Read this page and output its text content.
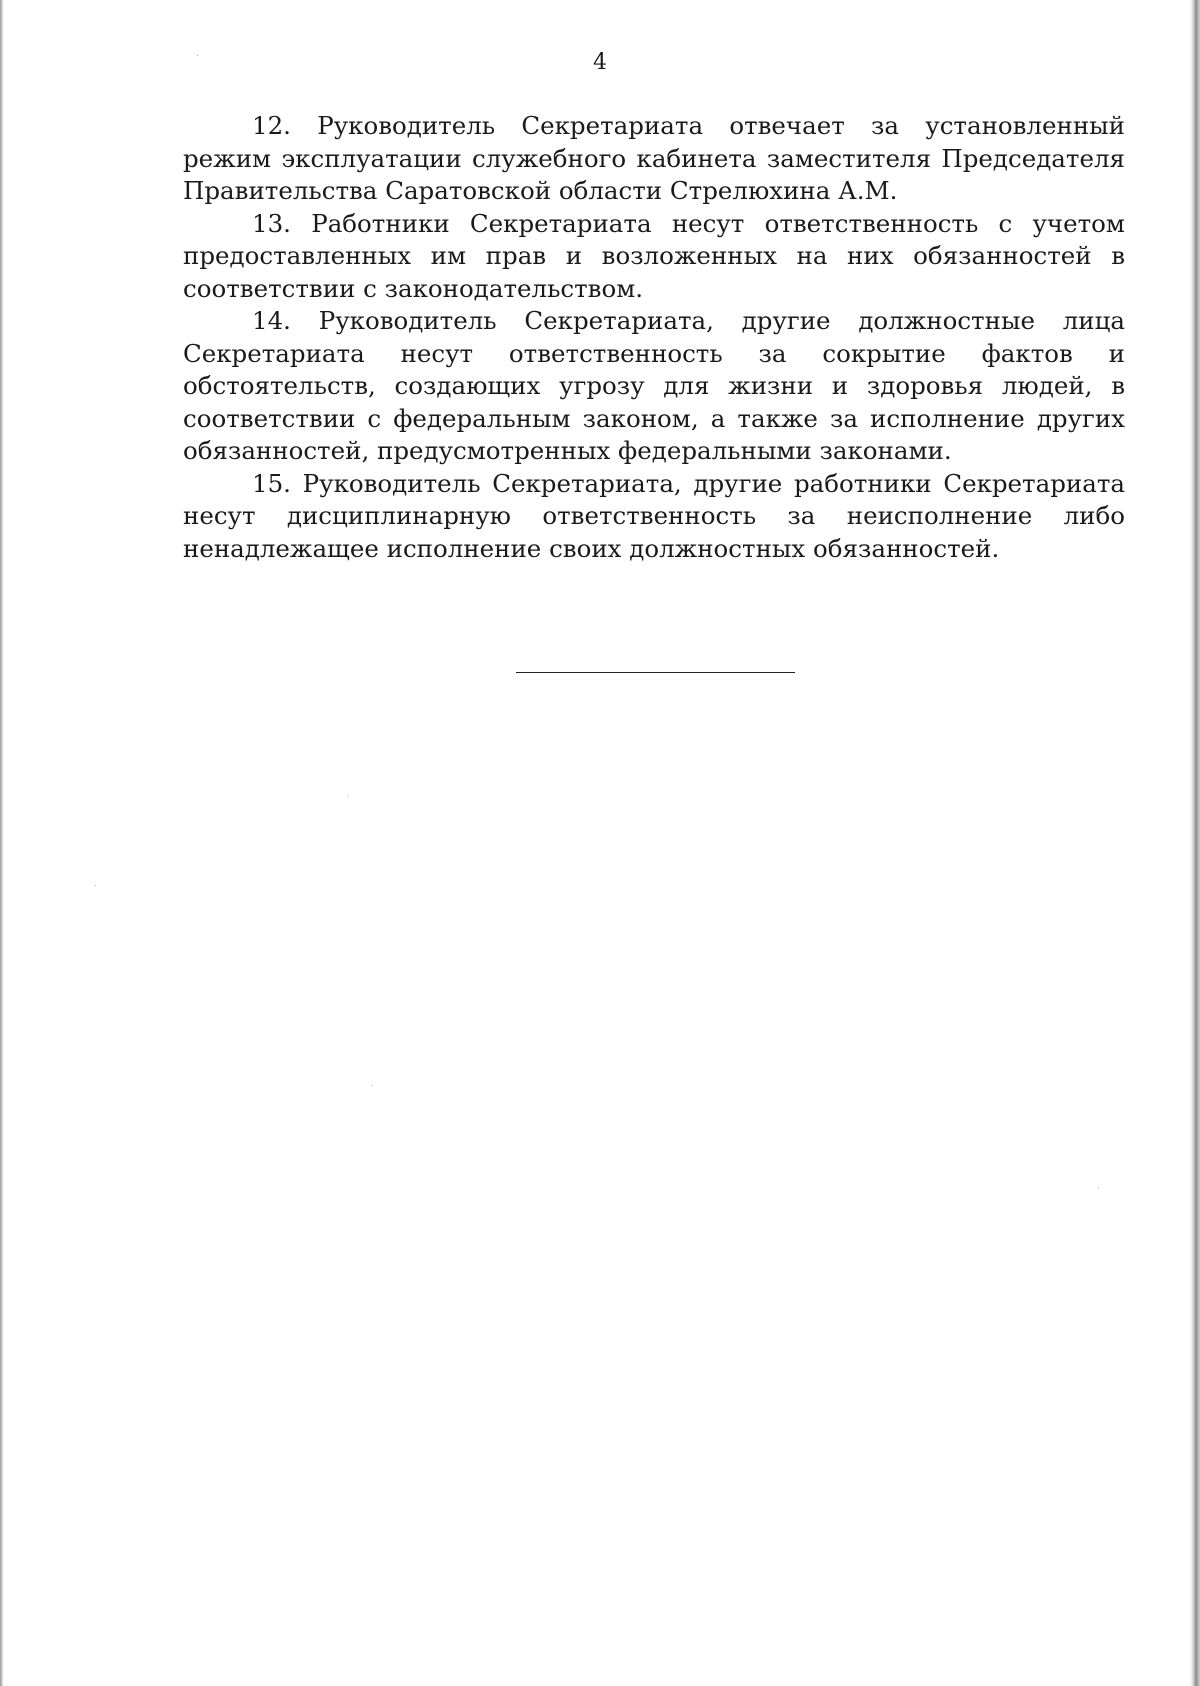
4

12. Руководитель Секретариата отвечает за установленный режим эксплуатации служебного кабинета заместителя Председателя Правительства Саратовской области Стрелюхина А.М.

13. Работники Секретариата несут ответственность с учетом предоставленных им прав и возложенных на них обязанностей в соответствии с законодательством.

14. Руководитель Секретариата, другие должностные лица Секретариата несут ответственность за сокрытие фактов и обстоятельств, создающих угрозу для жизни и здоровья людей, в соответствии с федеральным законом, а также за исполнение других обязанностей, предусмотренных федеральными законами.

15. Руководитель Секретариата, другие работники Секретариата несут дисциплинарную ответственность за неисполнение либо ненадлежащее исполнение своих должностных обязанностей.
